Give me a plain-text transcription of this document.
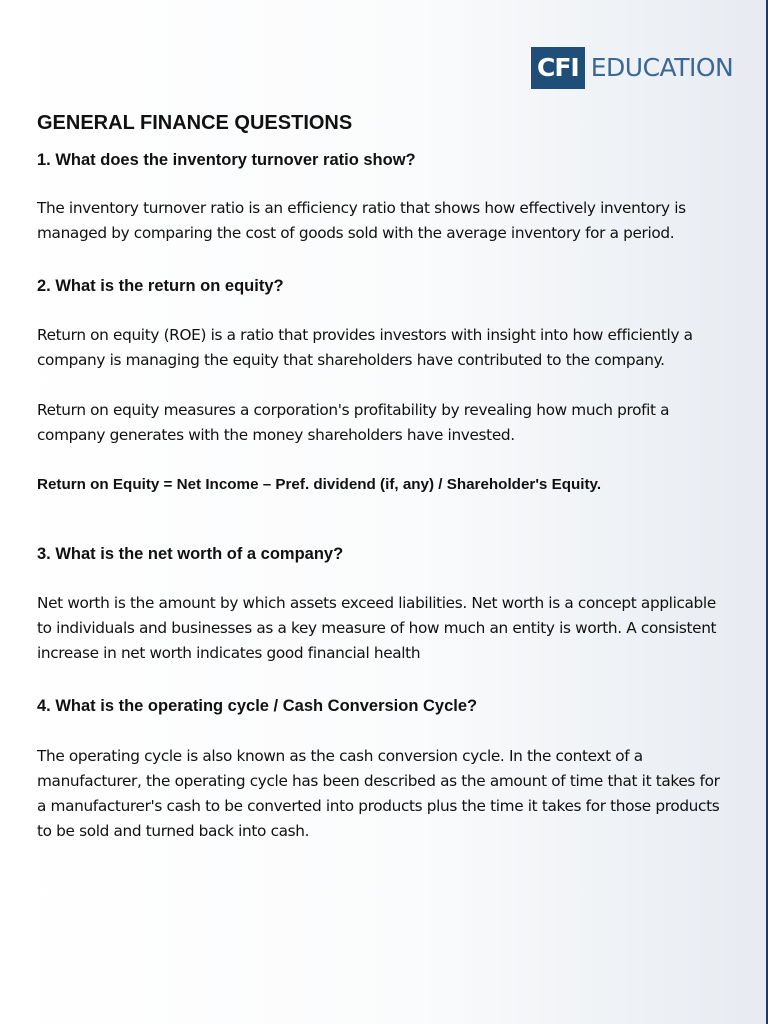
CFI EDUCATION
GENERAL FINANCE QUESTIONS

1. What does the inventory turnover ratio show?

The inventory turnover ratio is an efficiency ratio that shows how effectively inventory is managed by comparing the cost of goods sold with the average inventory for a period.

2. What is the return on equity?

Return on equity (ROE) is a ratio that provides investors with insight into how efficiently a company is managing the equity that shareholders have contributed to the company.

Return on equity measures a corporation's profitability by revealing how much profit a company generates with the money shareholders have invested.

Return on Equity = Net Income – Pref. dividend (if, any) / Shareholder's Equity.

3. What is the net worth of a company?

Net worth is the amount by which assets exceed liabilities. Net worth is a concept applicable to individuals and businesses as a key measure of how much an entity is worth. A consistent increase in net worth indicates good financial health

4. What is the operating cycle / Cash Conversion Cycle?

The operating cycle is also known as the cash conversion cycle. In the context of a manufacturer, the operating cycle has been described as the amount of time that it takes for a manufacturer's cash to be converted into products plus the time it takes for those products to be sold and turned back into cash.
